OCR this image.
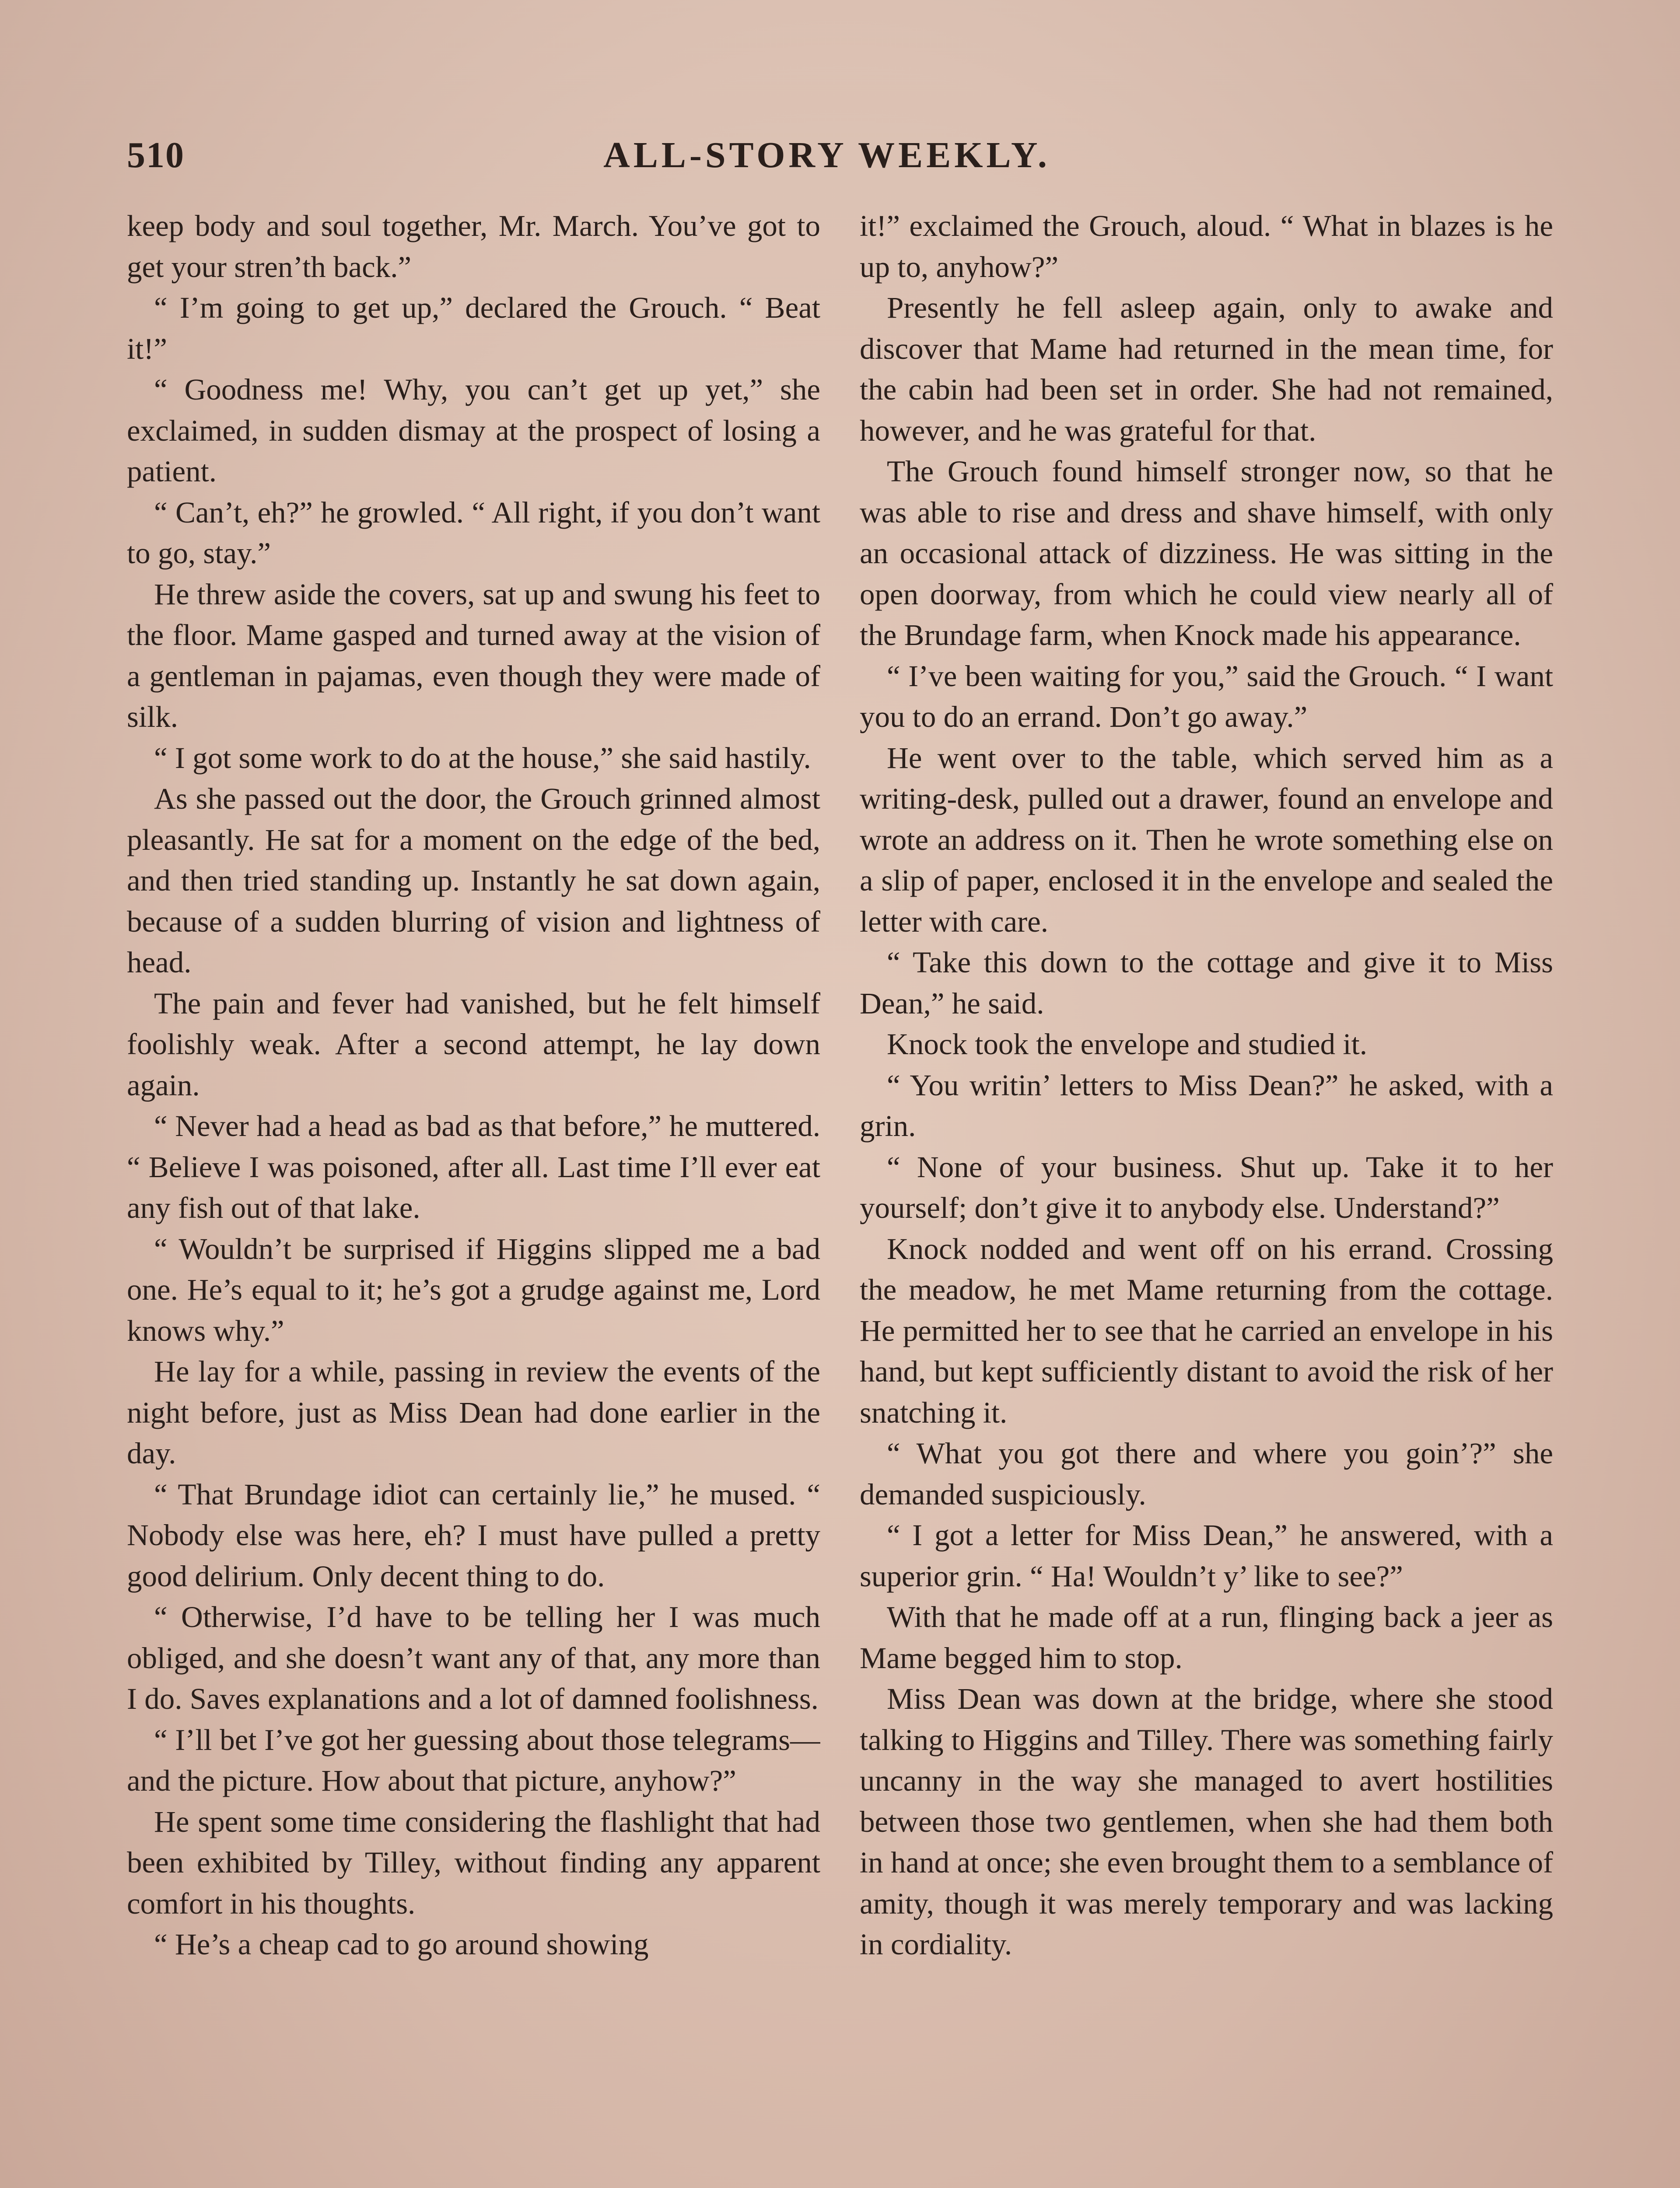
510	ALL-STORY WEEKLY.

keep body and soul together, Mr. March. You’ve got to get your stren’th back.”

“ I’m going to get up,” declared the Grouch. “ Beat it!”

“ Goodness me! Why, you can’t get up yet,” she exclaimed, in sudden dismay at the prospect of losing a patient.

“ Can’t, eh?” he growled. “ All right, if you don’t want to go, stay.”

He threw aside the covers, sat up and swung his feet to the floor. Mame gasped and turned away at the vision of a gentleman in pajamas, even though they were made of silk.

“ I got some work to do at the house,” she said hastily.

As she passed out the door, the Grouch grinned almost pleasantly. He sat for a moment on the edge of the bed, and then tried standing up. Instantly he sat down again, because of a sudden blurring of vision and lightness of head.

The pain and fever had vanished, but he felt himself foolishly weak. After a second attempt, he lay down again.

“ Never had a head as bad as that before,” he muttered. “ Believe I was poisoned, after all. Last time I’ll ever eat any fish out of that lake.

“ Wouldn’t be surprised if Higgins slipped me a bad one. He’s equal to it; he’s got a grudge against me, Lord knows why.”

He lay for a while, passing in review the events of the night before, just as Miss Dean had done earlier in the day.

“ That Brundage idiot can certainly lie,” he mused. “ Nobody else was here, eh? I must have pulled a pretty good delirium. Only decent thing to do.

“ Otherwise, I’d have to be telling her I was much obliged, and she doesn’t want any of that, any more than I do. Saves explanations and a lot of damned foolishness.

“ I’ll bet I’ve got her guessing about those telegrams—and the picture. How about that picture, anyhow?”

He spent some time considering the flashlight that had been exhibited by Tilley, without finding any apparent comfort in his thoughts.

“ He’s a cheap cad to go around showing

it!” exclaimed the Grouch, aloud. “ What in blazes is he up to, anyhow?”

Presently he fell asleep again, only to awake and discover that Mame had returned in the mean time, for the cabin had been set in order. She had not remained, however, and he was grateful for that.

The Grouch found himself stronger now, so that he was able to rise and dress and shave himself, with only an occasional attack of dizziness. He was sitting in the open doorway, from which he could view nearly all of the Brundage farm, when Knock made his appearance.

“ I’ve been waiting for you,” said the Grouch. “ I want you to do an errand. Don’t go away.”

He went over to the table, which served him as a writing-desk, pulled out a drawer, found an envelope and wrote an address on it. Then he wrote something else on a slip of paper, enclosed it in the envelope and sealed the letter with care.

“ Take this down to the cottage and give it to Miss Dean,” he said.

Knock took the envelope and studied it.

“ You writin’ letters to Miss Dean?” he asked, with a grin.

“ None of your business. Shut up. Take it to her yourself; don’t give it to anybody else. Understand?”

Knock nodded and went off on his errand. Crossing the meadow, he met Mame returning from the cottage. He permitted her to see that he carried an envelope in his hand, but kept sufficiently distant to avoid the risk of her snatching it.

“ What you got there and where you goin’?” she demanded suspiciously.

“ I got a letter for Miss Dean,” he answered, with a superior grin. “ Ha! Wouldn’t y’ like to see?”

With that he made off at a run, flinging back a jeer as Mame begged him to stop.

Miss Dean was down at the bridge, where she stood talking to Higgins and Tilley. There was something fairly uncanny in the way she managed to avert hostilities between those two gentlemen, when she had them both in hand at once; she even brought them to a semblance of amity, though it was merely temporary and was lacking in cordiality.
